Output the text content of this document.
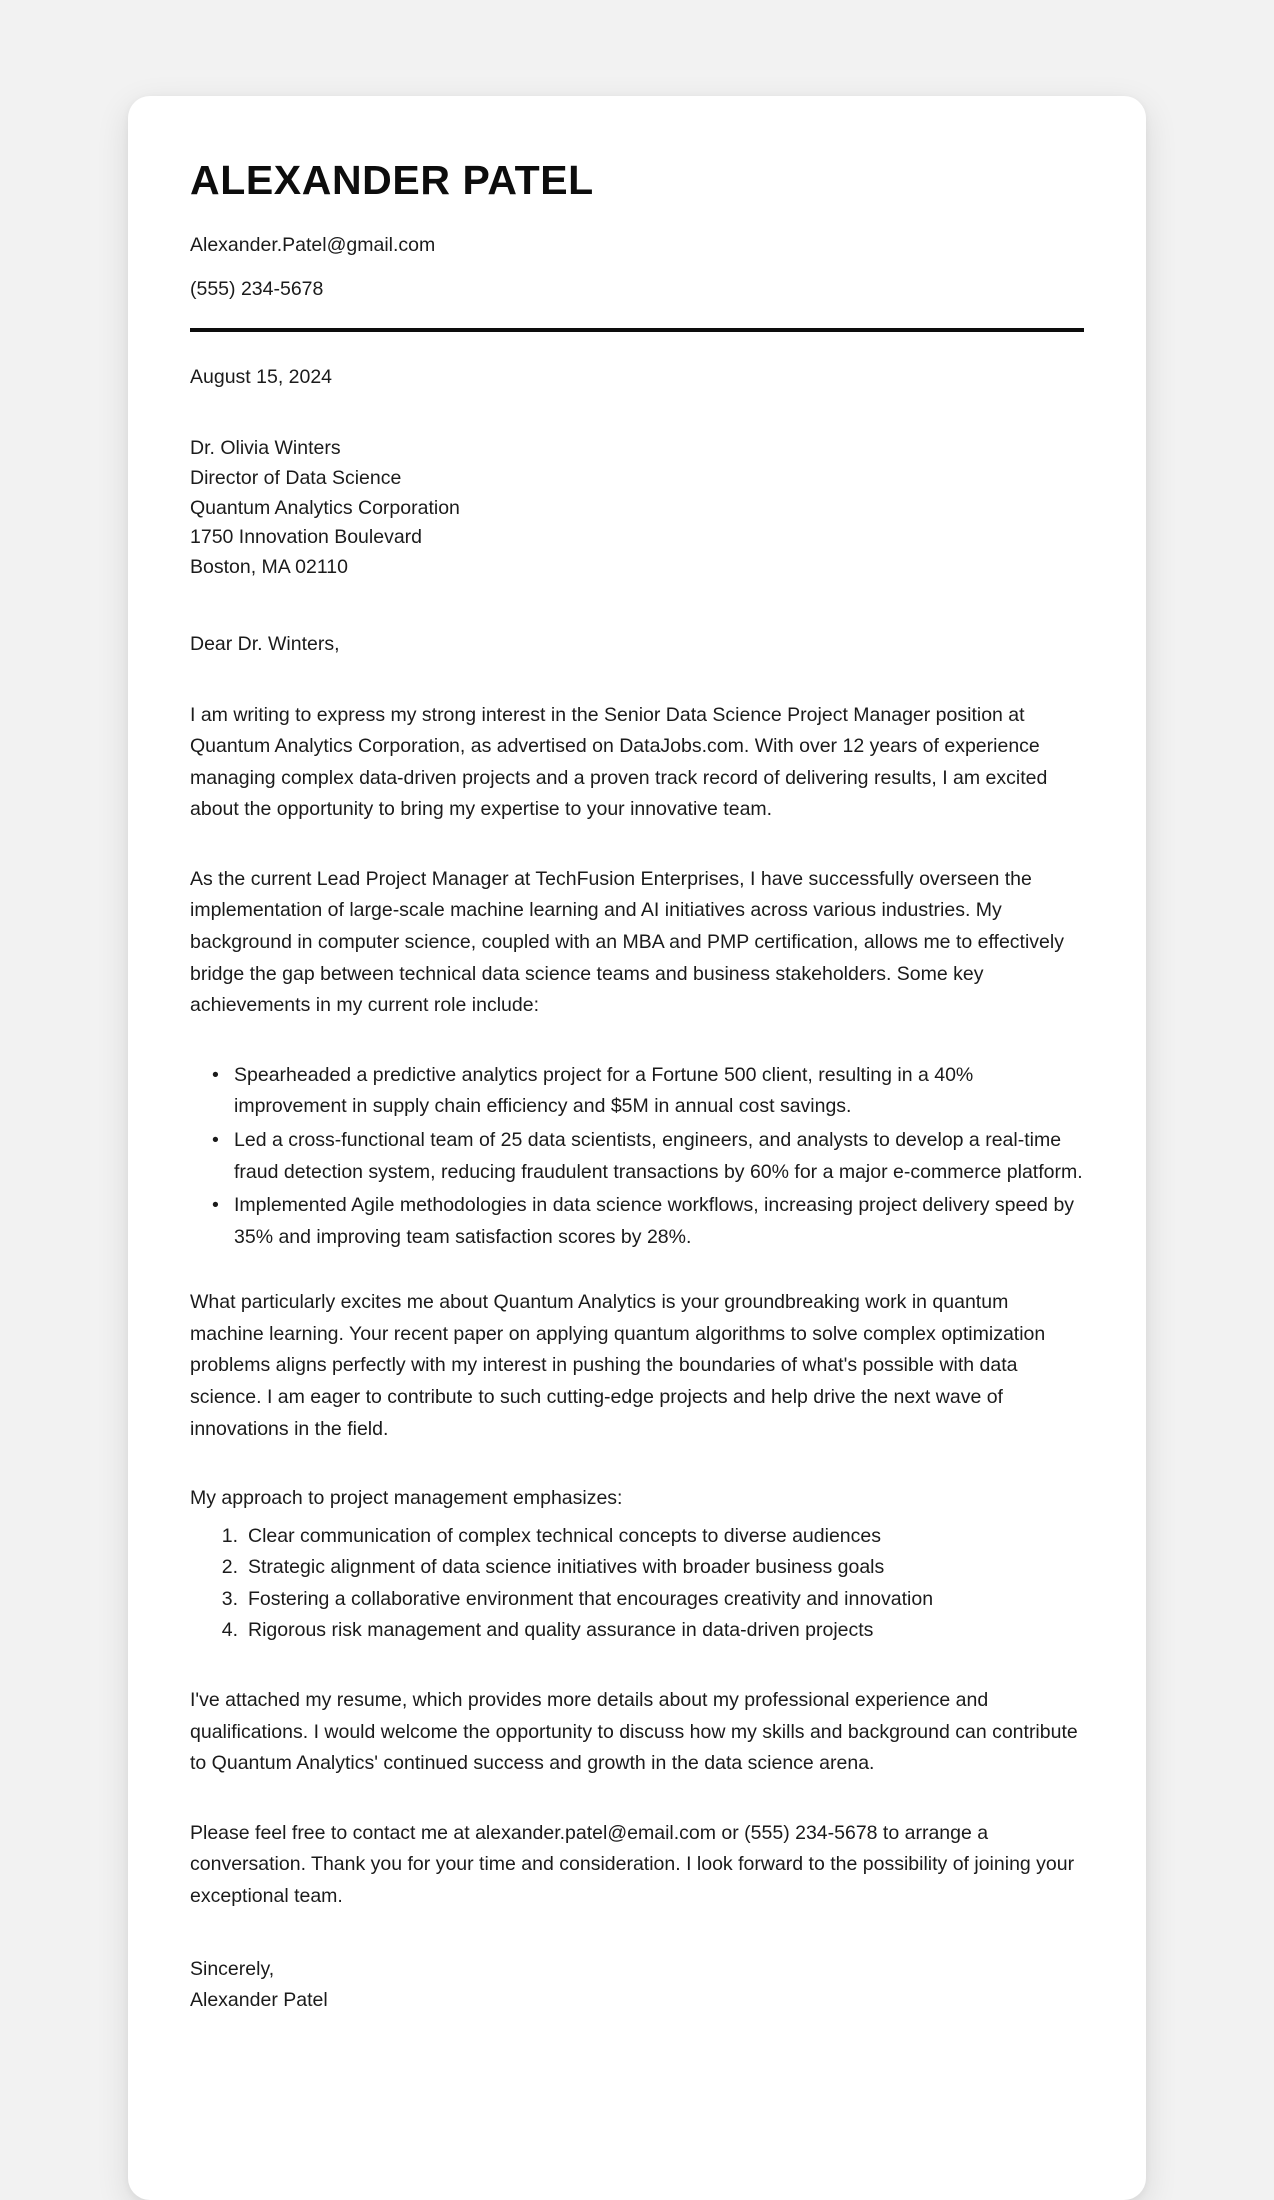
ALEXANDER PATEL
Alexander.Patel@gmail.com
(555) 234-5678
August 15, 2024
Dr. Olivia Winters
Director of Data Science
Quantum Analytics Corporation
1750 Innovation Boulevard
Boston, MA 02110
Dear Dr. Winters,

I am writing to express my strong interest in the Senior Data Science Project Manager position at Quantum Analytics Corporation, as advertised on DataJobs.com. With over 12 years of experience managing complex data-driven projects and a proven track record of delivering results, I am excited about the opportunity to bring my expertise to your innovative team.

As the current Lead Project Manager at TechFusion Enterprises, I have successfully overseen the implementation of large-scale machine learning and AI initiatives across various industries. My background in computer science, coupled with an MBA and PMP certification, allows me to effectively bridge the gap between technical data science teams and business stakeholders. Some key achievements in my current role include:

• Spearheaded a predictive analytics project for a Fortune 500 client, resulting in a 40% improvement in supply chain efficiency and $5M in annual cost savings.
• Led a cross-functional team of 25 data scientists, engineers, and analysts to develop a real-time fraud detection system, reducing fraudulent transactions by 60% for a major e-commerce platform.
• Implemented Agile methodologies in data science workflows, increasing project delivery speed by 35% and improving team satisfaction scores by 28%.

What particularly excites me about Quantum Analytics is your groundbreaking work in quantum machine learning. Your recent paper on applying quantum algorithms to solve complex optimization problems aligns perfectly with my interest in pushing the boundaries of what's possible with data science. I am eager to contribute to such cutting-edge projects and help drive the next wave of innovations in the field.

My approach to project management emphasizes:
Clear communication of complex technical concepts to diverse audiences
Strategic alignment of data science initiatives with broader business goals
Fostering a collaborative environment that encourages creativity and innovation
Rigorous risk management and quality assurance in data-driven projects

I've attached my resume, which provides more details about my professional experience and qualifications. I would welcome the opportunity to discuss how my skills and background can contribute to Quantum Analytics' continued success and growth in the data science arena.

Please feel free to contact me at alexander.patel@email.com or (555) 234-5678 to arrange a conversation. Thank you for your time and consideration. I look forward to the possibility of joining your exceptional team.

Sincerely,
Alexander Patel
